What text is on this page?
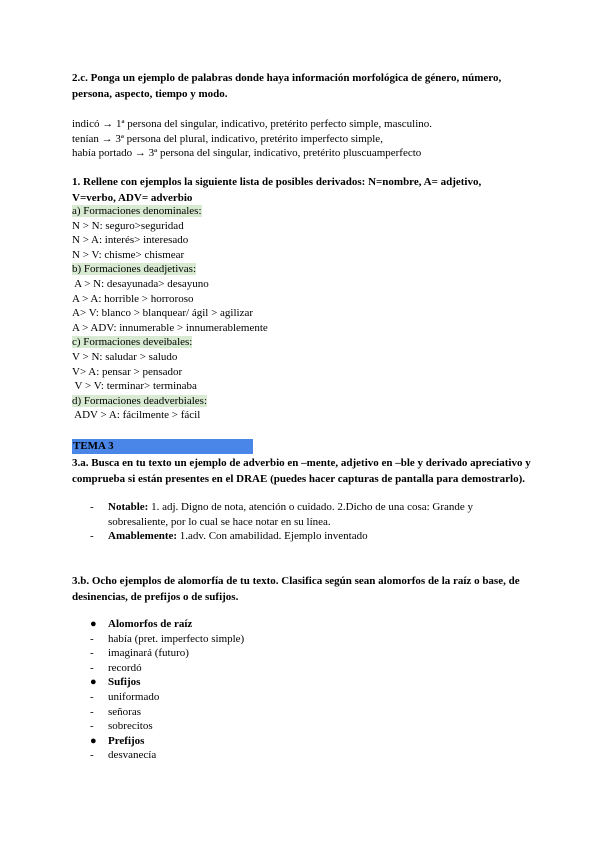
2.c. Ponga un ejemplo de palabras donde haya información morfológica de género, número, persona, aspecto, tiempo y modo.
indicó → 1ª persona del singular, indicativo, pretérito perfecto simple, masculino.
tenían → 3ª persona del plural, indicativo, pretérito imperfecto simple,
había portado → 3ª persona del singular, indicativo, pretérito pluscuamperfecto
1. Rellene con ejemplos la siguiente lista de posibles derivados: N=nombre, A= adjetivo, V=verbo, ADV= adverbio
a) Formaciones denominales:
N > N: seguro>seguridad
N > A: interés> interesado
N > V: chisme> chismear
b) Formaciones deadjetivas:
A > N: desayunada> desayuno
A > A: horrible > horroroso
A> V: blanco > blanquear/ ágil > agilizar
A > ADV: innumerable > innumerablemente
c) Formaciones deveibales:
V > N: saludar > saludo
V> A: pensar > pensador
V > V: terminar> terminaba
d) Formaciones deadverbiales:
ADV > A: fácilmente > fácil
TEMA 3
3.a. Busca en tu texto un ejemplo de adverbio en –mente, adjetivo en –ble y derivado apreciativo y comprueba si están presentes en el DRAE (puedes hacer capturas de pantalla para demostrarlo).
- Notable: 1. adj. Digno de nota, atención o cuidado. 2.Dicho de una cosa: Grande y sobresaliente, por lo cual se hace notar en su línea.
- Amablemente: 1.adv. Con amabilidad. Ejemplo inventado
3.b. Ocho ejemplos de alomorfía de tu texto. Clasifica según sean alomorfos de la raíz o base, de desinencias, de prefijos o de sufijos.
● Alomorfos de raíz
- había (pret. imperfecto simple)
- imaginará (futuro)
- recordó
● Sufijos
- uniformado
- señoras
- sobrecitos
● Prefijos
- desvanecía
